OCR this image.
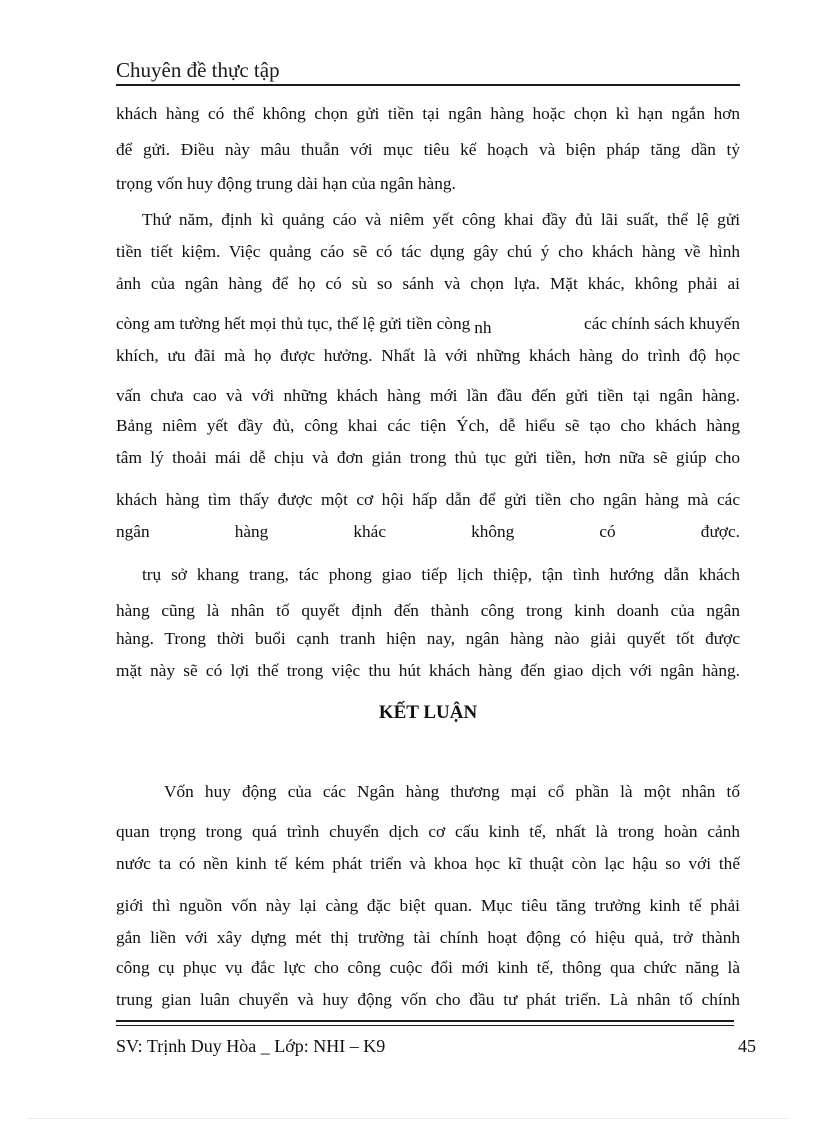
Chuyên đề thực tập
khách hàng có thể không chọn gửi tiền tại ngân hàng hoặc chọn kì hạn ngắn hơn
để gửi. Điều này mâu thuẫn với mục tiêu kế hoạch và biện pháp tăng dần tỷ
trọng vốn huy động trung dài hạn của ngân hàng.
Thứ năm, định kì quảng cáo và niêm yết công khai đầy đủ lãi suất, thể lệ gửi
tiền tiết kiệm. Việc quảng cáo sẽ có tác dụng gây chú ý cho khách hàng về hình
ảnh của ngân hàng để họ có sù so sánh và chọn lựa. Mặt khác, không phải ai
còng am tường hết mọi thủ tục, thể lệ gửi tiền còng nh	các chính sách khuyến
khích, ưu đãi mà họ được hưởng. Nhất là với những khách hàng do trình độ học
vấn chưa cao và với những khách hàng mới lần đầu đến gửi tiền tại ngân hàng.
Bảng niêm yết đầy đủ, công khai các tiện Ých, dễ hiểu sẽ tạo cho khách hàng
tâm lý thoải mái dễ chịu và đơn giản trong thủ tục gửi tiền, hơn nữa sẽ giúp cho
khách hàng tìm thấy được một cơ hội hấp dẫn để gửi tiền cho ngân hàng mà các
ngân	hàng	khác	không	có	được.
trụ sở khang trang, tác phong giao tiếp lịch thiệp, tận tình hướng dẫn khách
hàng cũng là nhân tố quyết định đến thành công trong kinh doanh của ngân
hàng. Trong thời buổi cạnh tranh hiện nay, ngân hàng nào giải quyết tốt được
mặt này sẽ có lợi thế trong việc thu hút khách hàng đến giao dịch với ngân hàng.
KẾT LUẬN
Vốn huy động của các Ngân hàng thương mại cổ phần là một nhân tố
quan trọng trong quá trình chuyển dịch cơ cấu kinh tế, nhất là trong hoàn cảnh
nước ta có nền kinh tế kém phát triển và khoa học kĩ thuật còn lạc hậu so với thế
giới thì nguồn vốn này lại càng đặc biệt quan. Mục tiêu tăng trưởng kinh tế phải
gắn liền với xây dựng mét thị trường tài chính hoạt động có hiệu quả, trở thành
công cụ phục vụ đắc lực cho công cuộc đổi mới kinh tế, thông qua chức năng là
trung gian luân chuyển và huy động vốn cho đầu tư phát triển. Là nhân tố chính
SV: Trịnh Duy Hòa _ Lớp: NHI – K9	45
